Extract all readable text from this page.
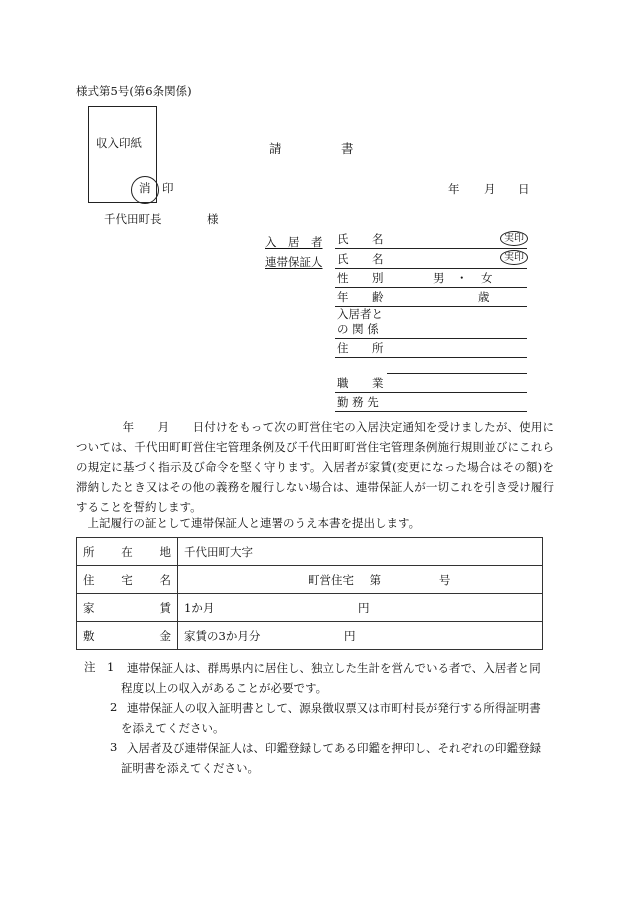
様式第5号(第6条関係)
収入印紙
消 印
請	書
年 月 日
千代田町長	様
入　居　者 氏 名	実印
連帯保証人 氏 名	実印
性 別	男 ・ 女
年 齢	歳
入居者と
の 関 係
住 所
職 業
勤 務 先
　　　　年　　月　　日付けをもって次の町営住宅の入居決定通知を受けましたが、使用については、千代田町町営住宅管理条例及び千代田町町営住宅管理条例施行規則並びにこれらの規定に基づく指示及び命令を堅く守ります。入居者が家賃(変更になった場合はその額)を滞納したとき又はその他の義務を履行しない場合は、連帯保証人が一切これを引き受け履行することを誓約します。
　上記履行の証として連帯保証人と連署のうえ本書を提出します。
所 在 地	千代田町大字

住 宅 名	町営住宅 第 号

家 賃	1か月 円

敷 金	家賃の3か月分 円
注 1	連帯保証人は、群馬県内に居住し、独立した生計を営んでいる者で、入居者と同程度以上の収入があることが必要です。
2 連帯保証人の収入証明書として、源泉徴収票又は市町村長が発行する所得証明書を添えてください。
3 入居者及び連帯保証人は、印鑑登録してある印鑑を押印し、それぞれの印鑑登録証明書を添えてください。
